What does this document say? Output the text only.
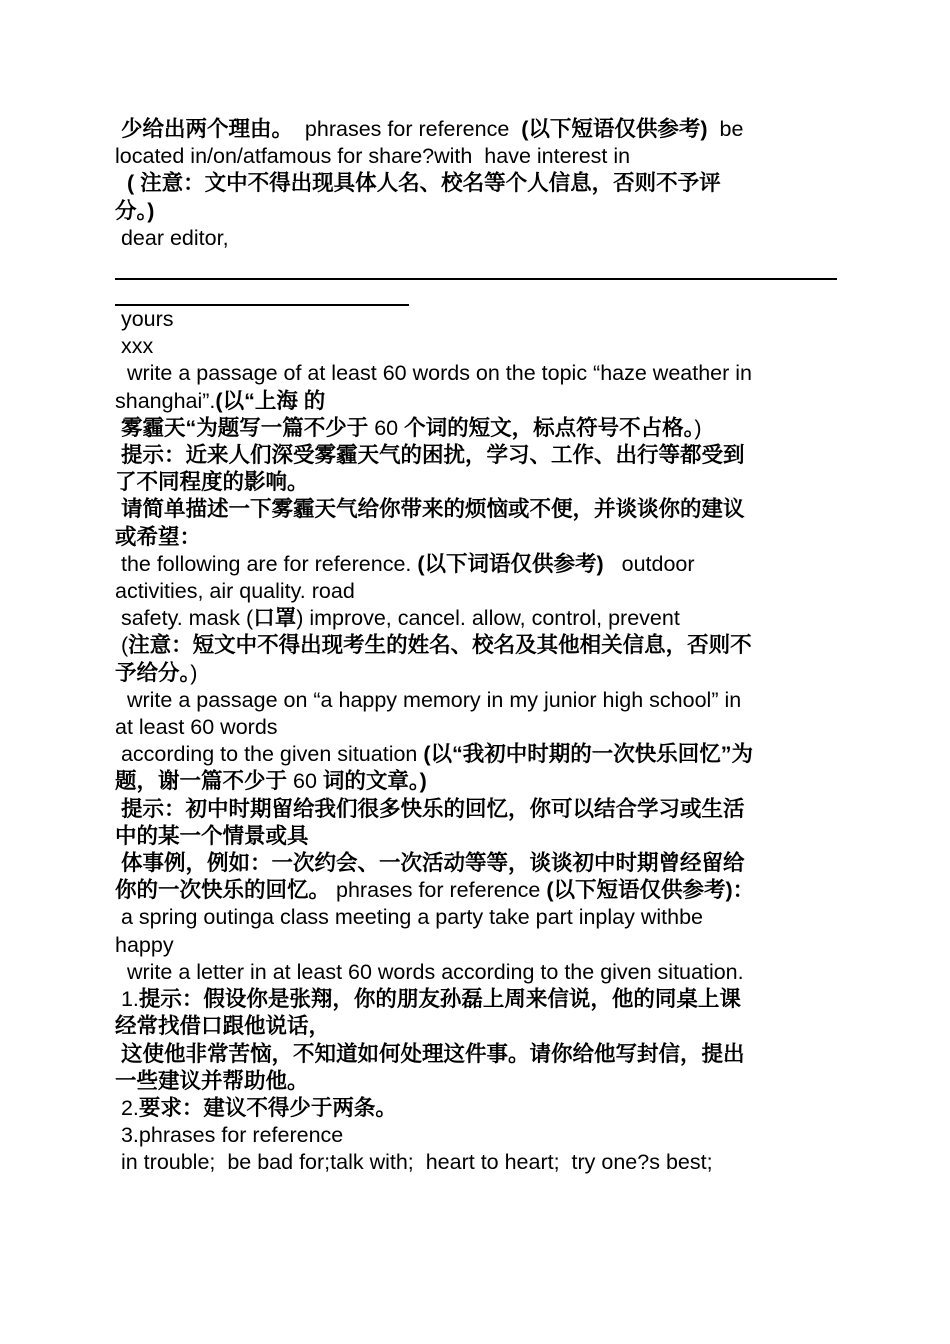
少给出两个理由。  phrases for reference  (以下短语仅供参考)  be

located in/on/atfamous for share?with  have interest in

( 注意：文中不得出现具体人名、校名等个人信息，否则不予评

分。)

dear editor,

yours

xxx

write a passage of at least 60 words on the topic “haze weather in

shanghai”.(以“上海 的

雾霾天“为题写一篇不少于 60 个词的短文，标点符号不占格。)

提示：近来人们深受雾霾天气的困扰，学习、工作、出行等都受到

了不同程度的影响。

请简单描述一下雾霾天气给你带来的烦恼或不便，并谈谈你的建议

或希望：

the following are for reference. (以下词语仅供参考)   outdoor

activities, air quality. road

safety. mask (口罩) improve, cancel. allow, control, prevent

(注意：短文中不得出现考生的姓名、校名及其他相关信息，否则不

予给分。)

write a passage on “a happy memory in my junior high school” in

at least 60 words

according to the given situation (以“我初中时期的一次快乐回忆”为

题，谢一篇不少于 60 词的文章。)

提示：初中时期留给我们很多快乐的回忆，你可以结合学习或生活

中的某一个情景或具

体事例，例如：一次约会、一次活动等等，谈谈初中时期曾经留给

你的一次快乐的回忆。 phrases for reference (以下短语仅供参考)：

a spring outinga class meeting a party take part inplay withbe

happy

write a letter in at least 60 words according to the given situation.

1.提示：假设你是张翔，你的朋友孙磊上周来信说，他的同桌上课

经常找借口跟他说话，

这使他非常苦恼，不知道如何处理这件事。请你给他写封信，提出

一些建议并帮助他。

2.要求：建议不得少于两条。

3.phrases for reference

in trouble;  be bad for;talk with;  heart to heart;  try one?s best;
